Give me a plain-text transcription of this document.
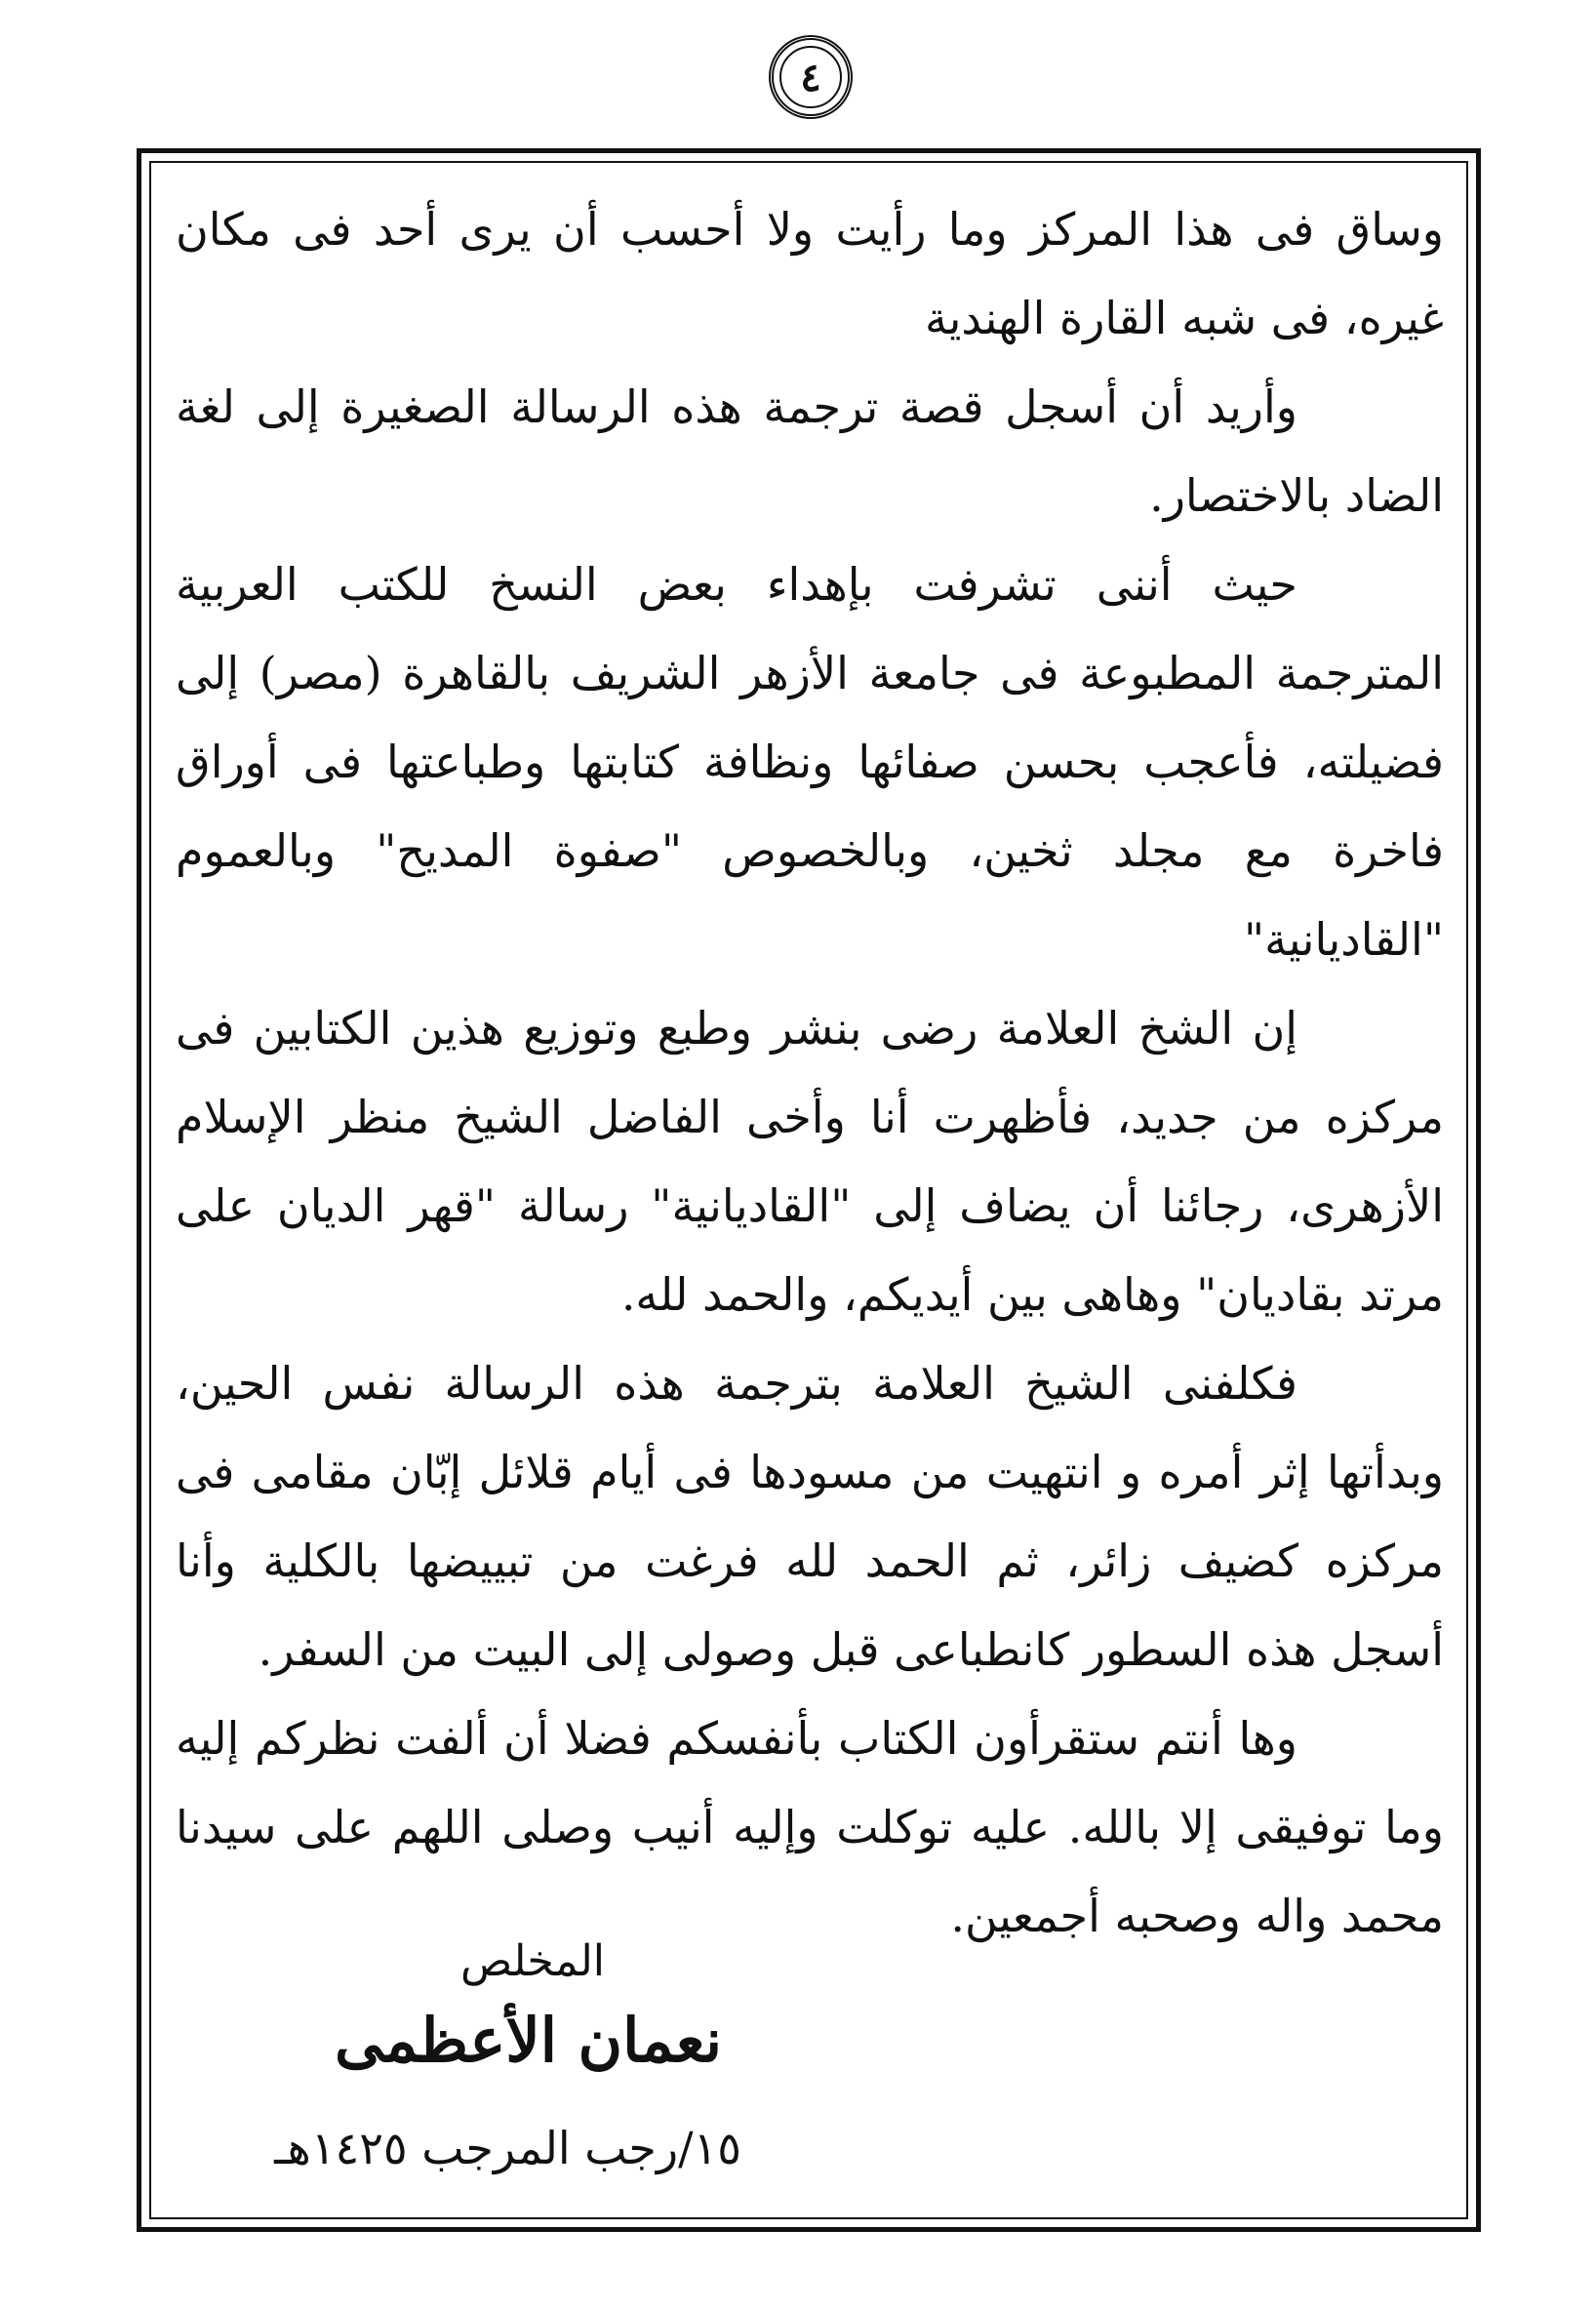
٤

وساق فى هذا المركز وما رأيت ولا أحسب أن يرى أحد فى مكان غيره، فى شبه القارة الهندية

وأريد أن أسجل قصة ترجمة هذه الرسالة الصغيرة إلى لغة الضاد بالاختصار.

حيث أننى تشرفت بإهداء بعض النسخ للكتب العربية المترجمة المطبوعة فى جامعة الأزهر الشريف بالقاهرة (مصر) إلى فضيلته، فأعجب بحسن صفائها ونظافة كتابتها وطباعتها فى أوراق فاخرة مع مجلد ثخين، وبالخصوص "صفوة المديح" وبالعموم "القاديانية"

إن الشخ العلامة رضى بنشر وطبع وتوزيع هذين الكتابين فى مركزه من جديد، فأظهرت أنا وأخى الفاضل الشيخ منظر الإسلام الأزهرى، رجائنا أن يضاف إلى "القاديانية" رسالة "قهر الديان على مرتد بقاديان" وهاهى بين أيديكم، والحمد لله.

فكلفنى الشيخ العلامة بترجمة هذه الرسالة نفس الحين، وبدأتها إثر أمره و انتهيت من مسودها فى أيام قلائل إبّان مقامى فى مركزه كضيف زائر، ثم الحمد لله فرغت من تبييضها بالكلية وأنا أسجل هذه السطور كانطباعى قبل وصولى إلى البيت من السفر.

وها أنتم ستقرأون الكتاب بأنفسكم فضلا أن ألفت نظركم إليه وما توفيقى إلا بالله. عليه توكلت وإليه أنيب وصلى اللهم على سيدنا محمد واله وصحبه أجمعين.

المخلص
نعمان الأعظمى
١٥/رجب المرجب ١٤٢٥هـ
